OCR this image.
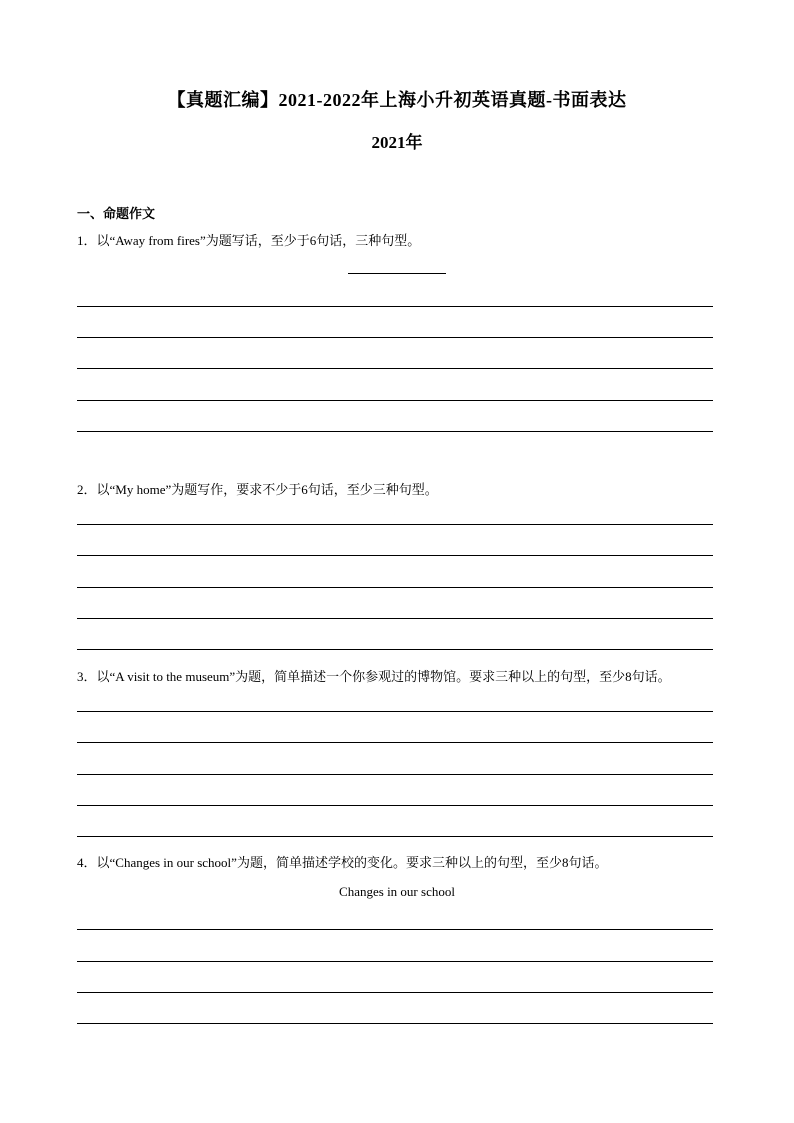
【真题汇编】2021-2022年上海小升初英语真题-书面表达
2021年
一、命题作文
1．以“Away from fires”为题写话，至少于6句话，三种句型。
2．以“My home”为题写作，要求不少于6句话，至少三种句型。
3．以“A visit to the museum”为题，简单描述一个你参观过的博物馆。要求三种以上的句型，至少8句话。
4．以“Changes in our school”为题，简单描述学校的变化。要求三种以上的句型，至少8句话。
Changes in our school
